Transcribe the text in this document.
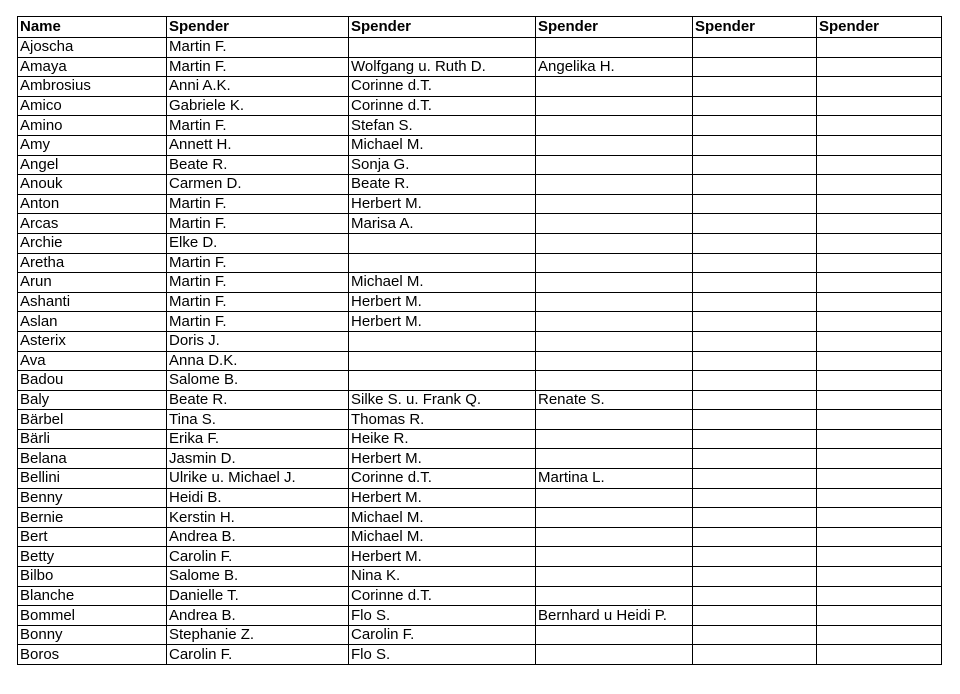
Name	Spender	Spender	Spender	Spender	Spender
Ajoscha	Martin F.				
Amaya	Martin F.	Wolfgang u. Ruth D.	Angelika H.		
Ambrosius	Anni A.K.	Corinne d.T.			
Amico	Gabriele K.	Corinne d.T.			
Amino	Martin F.	Stefan S.			
Amy	Annett H.	Michael M.			
Angel	Beate R.	Sonja G.			
Anouk	Carmen D.	Beate R.			
Anton	Martin F.	Herbert M.			
Arcas	Martin F.	Marisa A.			
Archie	Elke D.				
Aretha	Martin F.				
Arun	Martin F.	Michael M.			
Ashanti	Martin F.	Herbert M.			
Aslan	Martin F.	Herbert M.			
Asterix	Doris J.				
Ava	Anna D.K.				
Badou	Salome B.				
Baly	Beate R.	Silke S. u. Frank Q.	Renate S.		
Bärbel	Tina S.	Thomas R.			
Bärli	Erika F.	Heike R.			
Belana	Jasmin D.	Herbert M.			
Bellini	Ulrike u. Michael J.	Corinne d.T.	Martina L.		
Benny	Heidi B.	Herbert M.			
Bernie	Kerstin H.	Michael M.			
Bert	Andrea B.	Michael M.			
Betty	Carolin F.	Herbert M.			
Bilbo	Salome B.	Nina K.			
Blanche	Danielle T.	Corinne d.T.			
Bommel	Andrea B.	Flo S.	Bernhard u Heidi P.		
Bonny	Stephanie Z.	Carolin F.			
Boros	Carolin F.	Flo S.			
